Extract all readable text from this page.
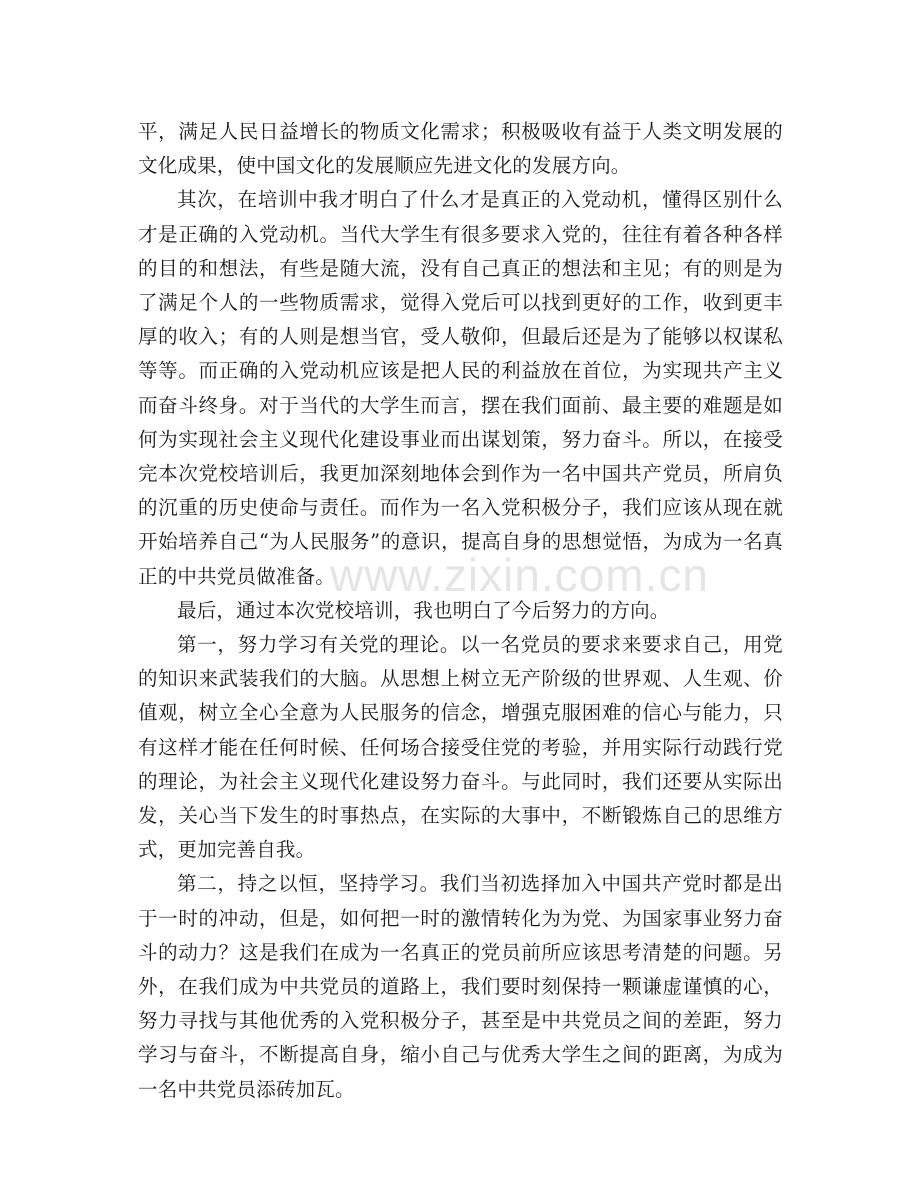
平，满足人民日益增长的物质文化需求；积极吸收有益于人类文明发展的文化成果，使中国文化的发展顺应先进文化的发展方向。

其次，在培训中我才明白了什么才是真正的入党动机，懂得区别什么才是正确的入党动机。当代大学生有很多要求入党的，往往有着各种各样的目的和想法，有些是随大流，没有自己真正的想法和主见；有的则是为了满足个人的一些物质需求，觉得入党后可以找到更好的工作，收到更丰厚的收入；有的人则是想当官，受人敬仰，但最后还是为了能够以权谋私等等。而正确的入党动机应该是把人民的利益放在首位，为实现共产主义而奋斗终身。对于当代的大学生而言，摆在我们面前、最主要的难题是如何为实现社会主义现代化建设事业而出谋划策，努力奋斗。所以，在接受完本次党校培训后，我更加深刻地体会到作为一名中国共产党员，所肩负的沉重的历史使命与责任。而作为一名入党积极分子，我们应该从现在就开始培养自己“为人民服务”的意识，提高自身的思想觉悟，为成为一名真正的中共党员做准备。

最后，通过本次党校培训，我也明白了今后努力的方向。

第一，努力学习有关党的理论。以一名党员的要求来要求自己，用党的知识来武装我们的大脑。从思想上树立无产阶级的世界观、人生观、价值观，树立全心全意为人民服务的信念，增强克服困难的信心与能力，只有这样才能在任何时候、任何场合接受住党的考验，并用实际行动践行党的理论，为社会主义现代化建设努力奋斗。与此同时，我们还要从实际出发，关心当下发生的时事热点，在实际的大事中，不断锻炼自己的思维方式，更加完善自我。

第二，持之以恒，坚持学习。我们当初选择加入中国共产党时都是出于一时的冲动，但是，如何把一时的激情转化为为党、为国家事业努力奋斗的动力？这是我们在成为一名真正的党员前所应该思考清楚的问题。另外，在我们成为中共党员的道路上，我们要时刻保持一颗谦虚谨慎的心，努力寻找与其他优秀的入党积极分子，甚至是中共党员之间的差距，努力学习与奋斗，不断提高自身，缩小自己与优秀大学生之间的距离，为成为一名中共党员添砖加瓦。

www.zixin.com.cn
